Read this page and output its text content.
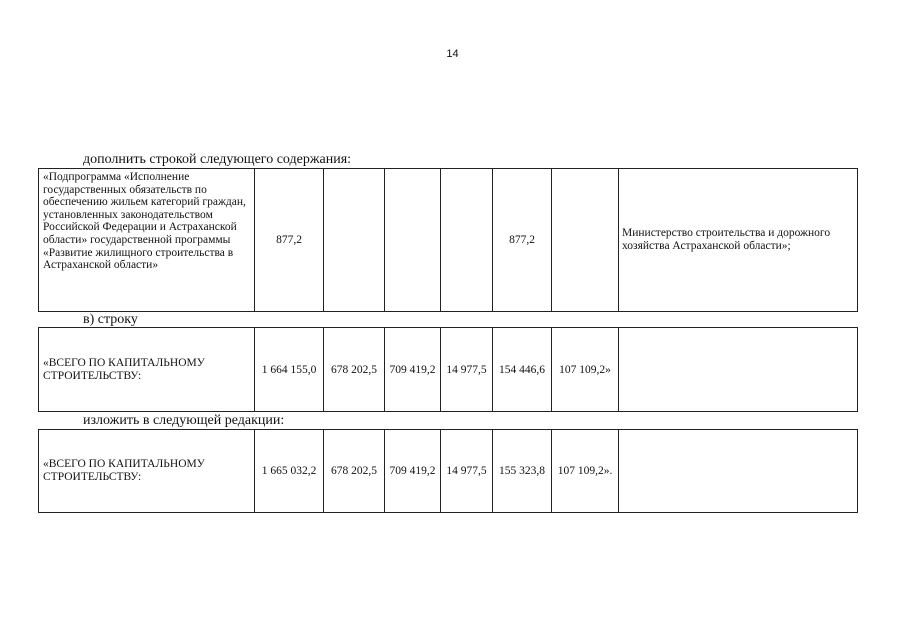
14
дополнить строкой следующего содержания:
«Подпрограмма «Исполнение государственных обязательств по обеспечению жильем категорий граждан, установленных законодательством Российской Федерации и Астраханской области» государственной программы «Развитие жилищного строительства в Астраханской области»	877,2				877,2		Министерство строительства и дорожного хозяйства Астраханской области»;
в) строку
«ВСЕГО ПО КАПИТАЛЬНОМУ СТРОИТЕЛЬСТВУ:	1 664 155,0	678 202,5	709 419,2	14 977,5	154 446,6	107 109,2»	
изложить в следующей редакции:
«ВСЕГО ПО КАПИТАЛЬНОМУ СТРОИТЕЛЬСТВУ:	1 665 032,2	678 202,5	709 419,2	14 977,5	155 323,8	107 109,2».	
